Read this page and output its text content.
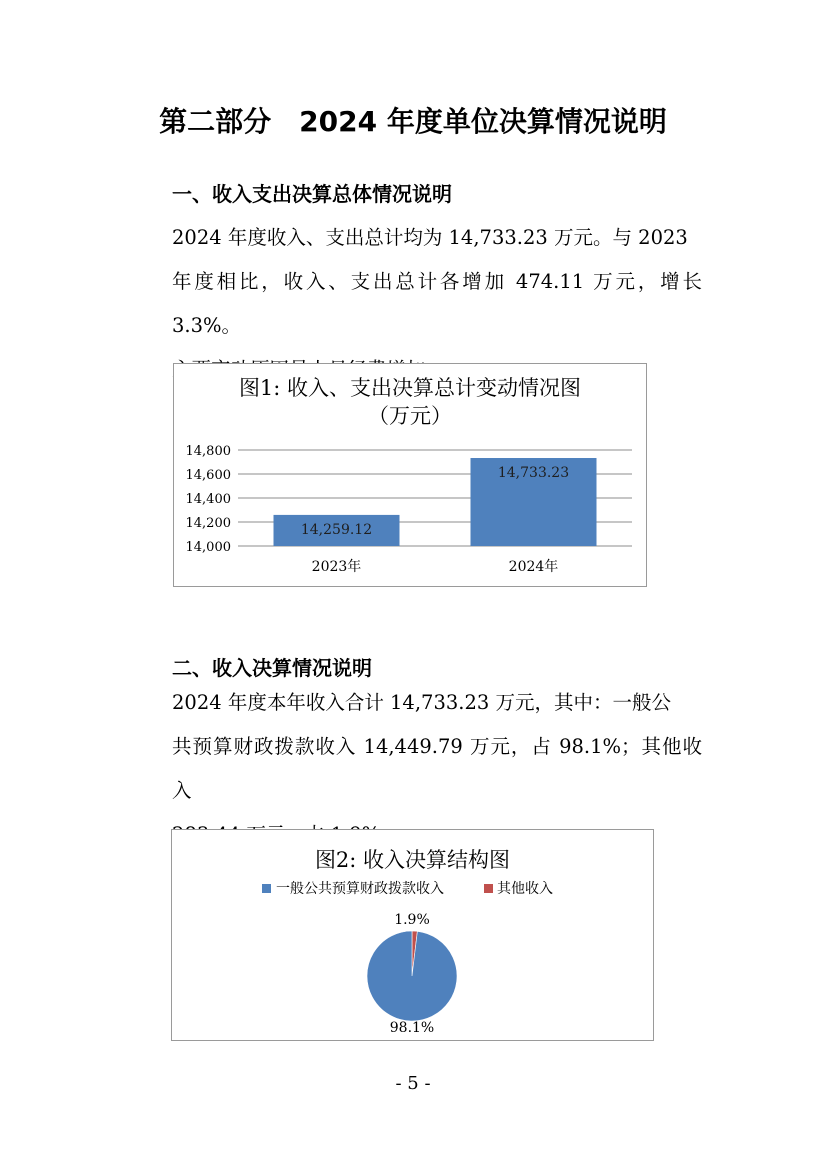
第二部分　2024 年度单位决算情况说明
一、收入支出决算总体情况说明
2024 年度收入、支出总计均为 14,733.23 万元。与 2023
年度相比，收入、支出总计各增加 474.11 万元，增长 3.3%。
图1: 收入、支出决算总计变动情况图
（万元）
14,000
14,200
14,400
14,600
14,800
14,259.12
2023年
14,733.23
2024年
二、收入决算情况说明
2024 年度本年收入合计 14,733.23 万元，其中：一般公
共预算财政拨款收入 14,449.79 万元，占 98.1%；其他收入
图2: 收入决算结构图
一般公共预算财政拨款收入	其他收入
1.9%
98.1%
- 5 -
